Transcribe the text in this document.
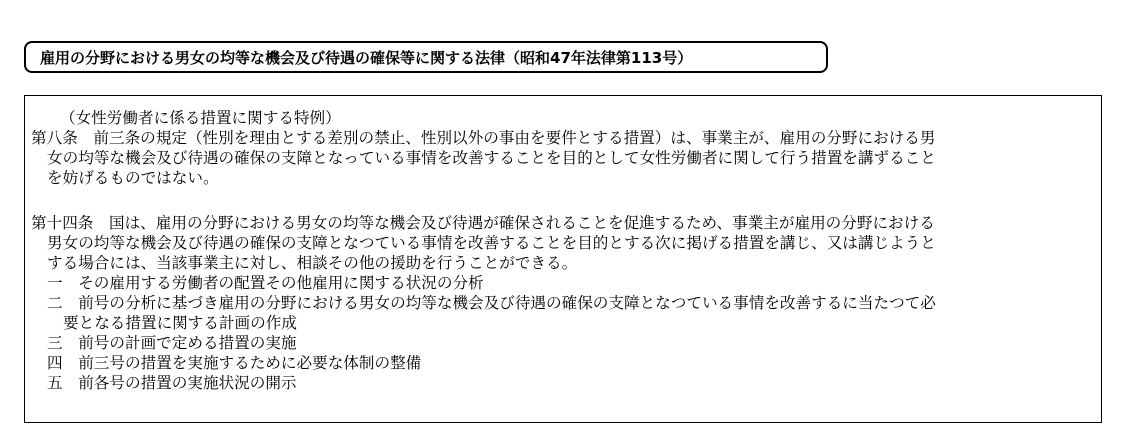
雇用の分野における男女の均等な機会及び待遇の確保等に関する法律（昭和47年法律第113号）
（女性労働者に係る措置に関する特例）
第八条　前三条の規定（性別を理由とする差別の禁止、性別以外の事由を要件とする措置）は、事業主が、雇用の分野における男
女の均等な機会及び待遇の確保の支障となっている事情を改善することを目的として女性労働者に関して行う措置を講ずること
を妨げるものではない。
第十四条　国は、雇用の分野における男女の均等な機会及び待遇が確保されることを促進するため、事業主が雇用の分野における
男女の均等な機会及び待遇の確保の支障となつている事情を改善することを目的とする次に掲げる措置を講じ、又は講じようと
する場合には、当該事業主に対し、相談その他の援助を行うことができる。
一　その雇用する労働者の配置その他雇用に関する状況の分析
二　前号の分析に基づき雇用の分野における男女の均等な機会及び待遇の確保の支障となつている事情を改善するに当たつて必
要となる措置に関する計画の作成
三　前号の計画で定める措置の実施
四　前三号の措置を実施するために必要な体制の整備
五　前各号の措置の実施状況の開示
